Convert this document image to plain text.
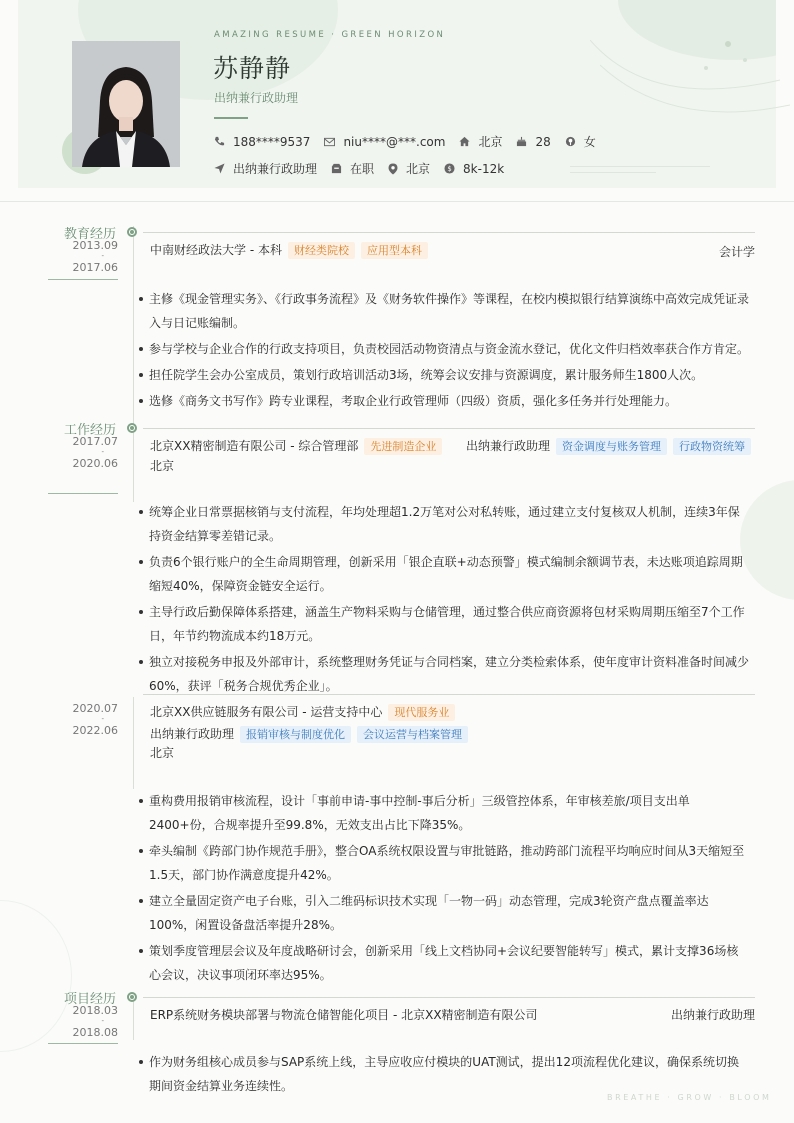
AMAZING RESUME · GREEN HORIZON
苏静静
出纳兼行政助理
188****9537	niu****@***.com	北京	28	女
出纳兼行政助理	在职	北京 $ 8k-12k
教育经历
2013.09
-
2017.06
中南财经政法大学 - 本科 财经类院校 应用型本科	会计学
主修《现金管理实务》、《行政事务流程》及《财务软件操作》等课程，在校内模拟银行结算演练中高效完成凭证录入与日记账编制。
参与学校与企业合作的行政支持项目，负责校园活动物资清点与资金流水登记，优化文件归档效率获合作方肯定。
担任院学生会办公室成员，策划行政培训活动3场，统筹会议安排与资源调度，累计服务师生1800人次。
选修《商务文书写作》跨专业课程，考取企业行政管理师（四级）资质，强化多任务并行处理能力。
工作经历
2017.07
-
2020.06
北京XX精密制造有限公司 - 综合管理部 先进制造企业	出纳兼行政助理 资金调度与账务管理 行政物资统筹
北京
统筹企业日常票据核销与支付流程，年均处理超1.2万笔对公对私转账，通过建立支付复核双人机制，连续3年保持资金结算零差错记录。
负责6个银行账户的全生命周期管理，创新采用「银企直联+动态预警」模式编制余额调节表，未达账项追踪周期缩短40%，保障资金链安全运行。
主导行政后勤保障体系搭建，涵盖生产物料采购与仓储管理，通过整合供应商资源将包材采购周期压缩至7个工作日，年节约物流成本约18万元。
独立对接税务申报及外部审计，系统整理财务凭证与合同档案，建立分类检索体系，使年度审计资料准备时间减少60%，获评「税务合规优秀企业」。
2020.07
-
2022.06
北京XX供应链服务有限公司 - 运营支持中心 现代服务业
出纳兼行政助理 报销审核与制度优化 会议运营与档案管理
北京
重构费用报销审核流程，设计「事前申请-事中控制-事后分析」三级管控体系，年审核差旅/项目支出单2400+份，合规率提升至99.8%，无效支出占比下降35%。
牵头编制《跨部门协作规范手册》，整合OA系统权限设置与审批链路，推动跨部门流程平均响应时间从3天缩短至1.5天，部门协作满意度提升42%。
建立全量固定资产电子台账，引入二维码标识技术实现「一物一码」动态管理，完成3轮资产盘点覆盖率达100%，闲置设备盘活率提升28%。
策划季度管理层会议及年度战略研讨会，创新采用「线上文档协同+会议纪要智能转写」模式，累计支撑36场核心会议，决议事项闭环率达95%。
项目经历
2018.03
-
2018.08
ERP系统财务模块部署与物流仓储智能化项目 - 北京XX精密制造有限公司	出纳兼行政助理
作为财务组核心成员参与SAP系统上线，主导应收应付模块的UAT测试，提出12项流程优化建议，确保系统切换期间资金结算业务连续性。
BREATHE · GROW · BLOOM
